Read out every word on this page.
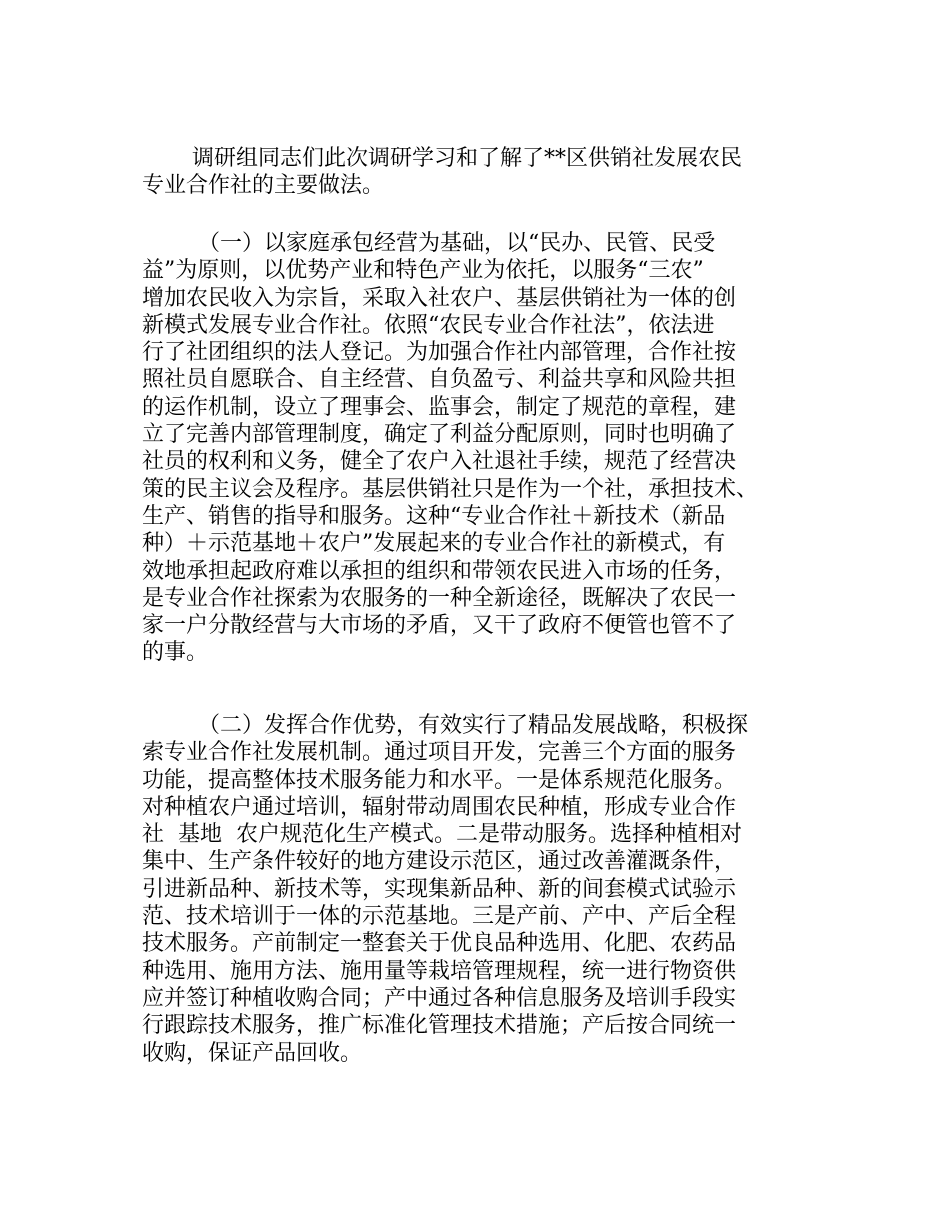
调研组同志们此次调研学习和了解了**区供销社发展农民
专业合作社的主要做法。
（一）以家庭承包经营为基础，以“民办、民管、民受
益”为原则，以优势产业和特色产业为依托，以服务“三农”
增加农民收入为宗旨，采取入社农户、基层供销社为一体的创
新模式发展专业合作社。依照“农民专业合作社法”，依法进
行了社团组织的法人登记。为加强合作社内部管理，合作社按
照社员自愿联合、自主经营、自负盈亏、利益共享和风险共担
的运作机制，设立了理事会、监事会，制定了规范的章程，建
立了完善内部管理制度，确定了利益分配原则，同时也明确了
社员的权利和义务，健全了农户入社退社手续，规范了经营决
策的民主议会及程序。基层供销社只是作为一个社，承担技术、
生产、销售的指导和服务。这种“专业合作社＋新技术（新品
种）＋示范基地＋农户”发展起来的专业合作社的新模式，有
效地承担起政府难以承担的组织和带领农民进入市场的任务，
是专业合作社探索为农服务的一种全新途径，既解决了农民一
家一户分散经营与大市场的矛盾，又干了政府不便管也管不了
的事。
（二）发挥合作优势，有效实行了精品发展战略，积极探
索专业合作社发展机制。通过项目开发，完善三个方面的服务
功能，提高整体技术服务能力和水平。一是体系规范化服务。
对种植农户通过培训，辐射带动周围农民种植，形成专业合作
社  基地  农户规范化生产模式。二是带动服务。选择种植相对
集中、生产条件较好的地方建设示范区，通过改善灌溉条件，
引进新品种、新技术等，实现集新品种、新的间套模式试验示
范、技术培训于一体的示范基地。三是产前、产中、产后全程
技术服务。产前制定一整套关于优良品种选用、化肥、农药品
种选用、施用方法、施用量等栽培管理规程，统一进行物资供
应并签订种植收购合同；产中通过各种信息服务及培训手段实
行跟踪技术服务，推广标准化管理技术措施；产后按合同统一
收购，保证产品回收。
